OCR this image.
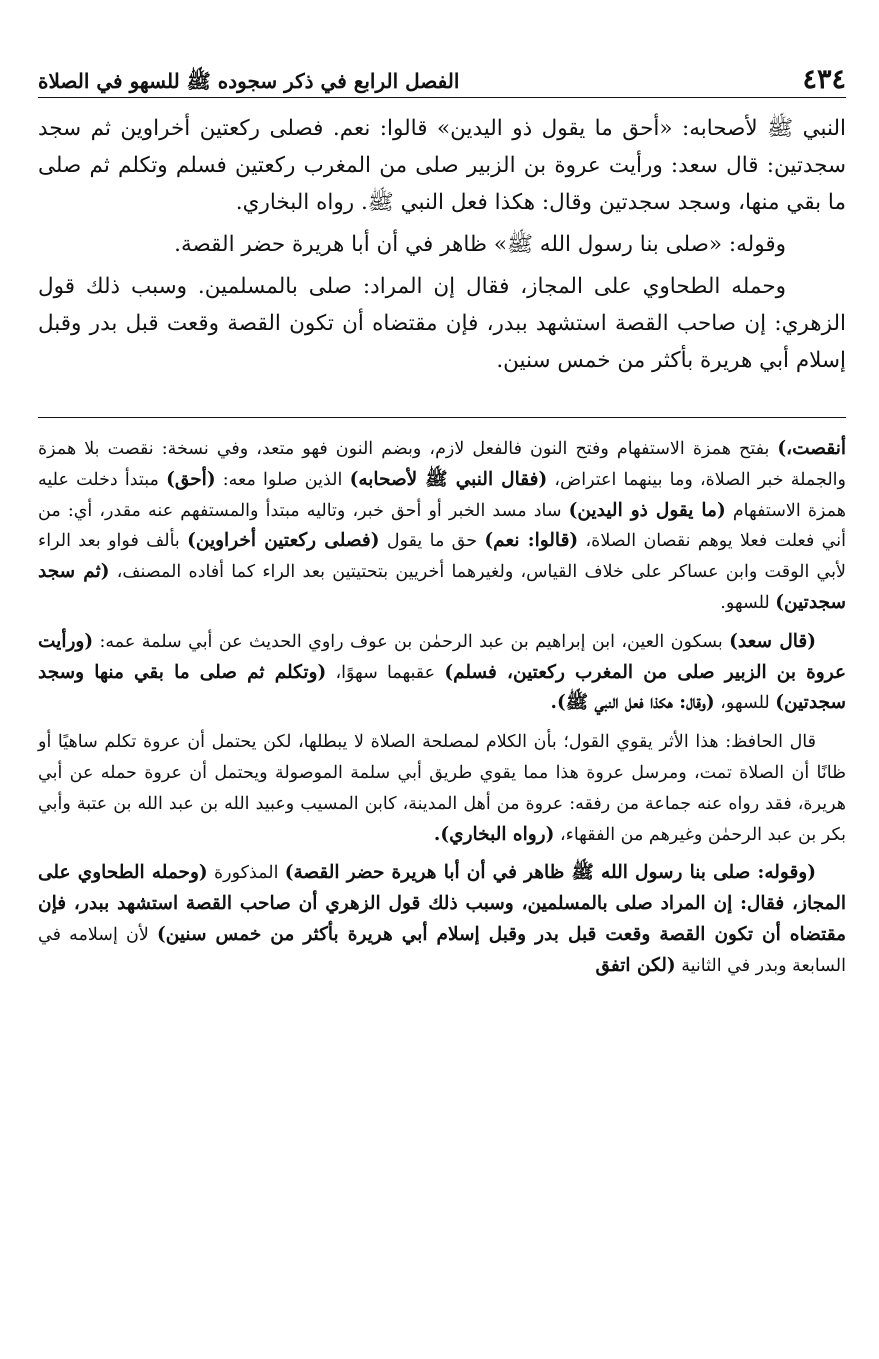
٤٣٤
الفصل الرابع في ذكر سجوده ﷺ للسهو في الصلاة

النبي ﷺ لأصحابه: «أحق ما يقول ذو اليدين» قالوا: نعم. فصلى ركعتين أخراوين ثم سجد سجدتين: قال سعد: ورأيت عروة بن الزبير صلى من المغرب ركعتين فسلم وتكلم ثم صلى ما بقي منها، وسجد سجدتين وقال: هكذا فعل النبي ﷺ. رواه البخاري.

وقوله: «صلى بنا رسول الله ﷺ» ظاهر في أن أبا هريرة حضر القصة.

وحمله الطحاوي على المجاز، فقال إن المراد: صلى بالمسلمين. وسبب ذلك قول الزهري: إن صاحب القصة استشهد ببدر، فإن مقتضاه أن تكون القصة وقعت قبل بدر وقبل إسلام أبي هريرة بأكثر من خمس سنين.

أنقصت،) بفتح همزة الاستفهام وفتح النون فالفعل لازم، وبضم النون فهو متعد، وفي نسخة: نقصت بلا همزة والجملة خبر الصلاة، وما بينهما اعتراض، (فقال النبي ﷺ لأصحابه) الذين صلوا معه: (أحق) مبتدأ دخلت عليه همزة الاستفهام (ما يقول ذو اليدين) ساد مسد الخبر أو أحق خبر، وتاليه مبتدأ والمستفهم عنه مقدر، أي: من أني فعلت فعلا يوهم نقصان الصلاة، (قالوا: نعم) حق ما يقول (فصلى ركعتين أخراوين) بألف فواو بعد الراء لأبي الوقت وابن عساكر على خلاف القياس، ولغيرهما أخريين بتحتيتين بعد الراء كما أفاده المصنف، (ثم سجد سجدتين) للسهو.

(قال سعد) بسكون العين، ابن إبراهيم بن عبد الرحمٰن بن عوف راوي الحديث عن أبي سلمة عمه: (ورأيت عروة بن الزبير صلى من المغرب ركعتين، فسلم) عقبهما سهوًا، (وتكلم ثم صلى ما بقي منها وسجد سجدتين) للسهو، (وقال: هكذا فعل النبي ﷺ).

قال الحافظ: هذا الأثر يقوي القول؛ بأن الكلام لمصلحة الصلاة لا يبطلها، لكن يحتمل أن عروة تكلم ساهيًا أو ظانًا أن الصلاة تمت، ومرسل عروة هذا مما يقوي طريق أبي سلمة الموصولة ويحتمل أن عروة حمله عن أبي هريرة، فقد رواه عنه جماعة من رفقه: عروة من أهل المدينة، كابن المسيب وعبيد الله بن عبد الله بن عتبة وأبي بكر بن عبد الرحمٰن وغيرهم من الفقهاء، (رواه البخاري).

(وقوله: صلى بنا رسول الله ﷺ ظاهر في أن أبا هريرة حضر القصة) المذكورة (وحمله الطحاوي على المجاز، فقال: إن المراد صلى بالمسلمين، وسبب ذلك قول الزهري أن صاحب القصة استشهد ببدر، فإن مقتضاه أن تكون القصة وقعت قبل بدر وقبل إسلام أبي هريرة بأكثر من خمس سنين) لأن إسلامه في السابعة وبدر في الثانية (لكن اتفق
